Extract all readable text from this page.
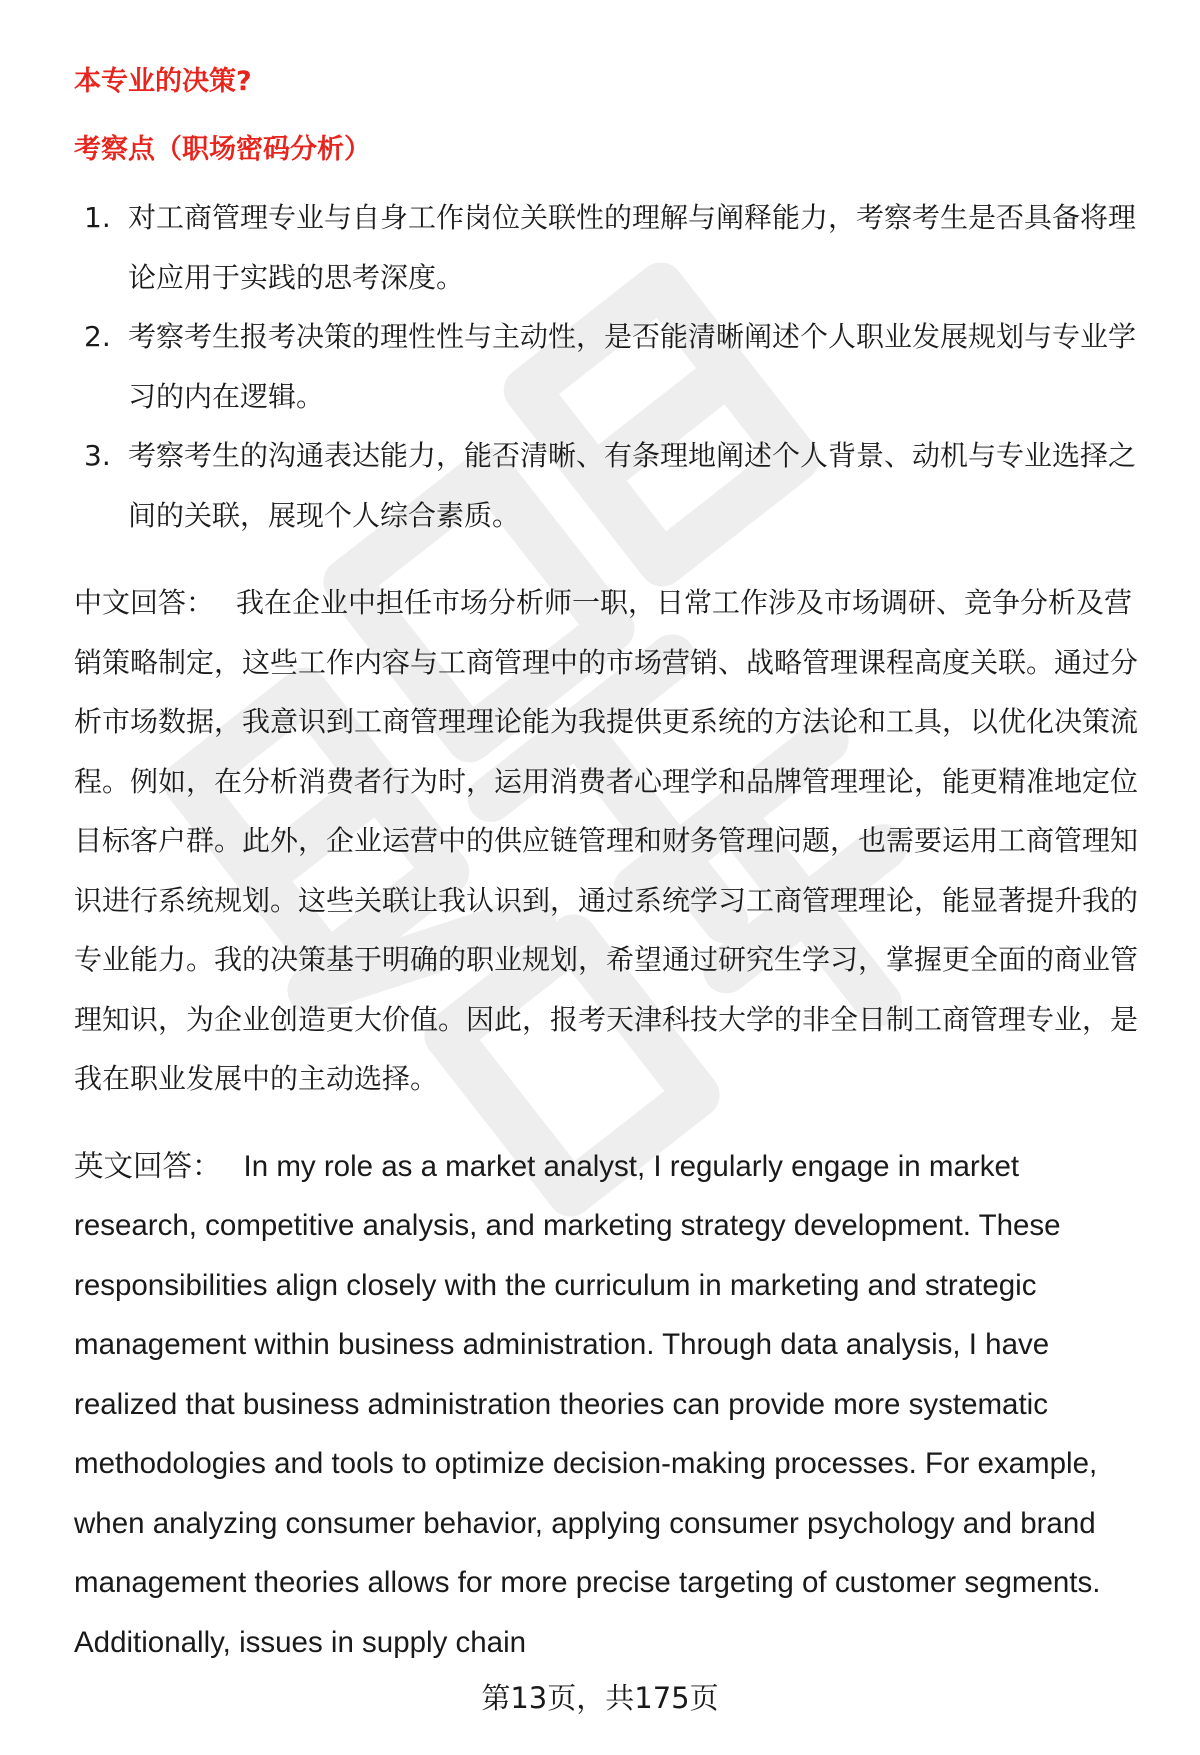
本专业的决策?

考察点（职场密码分析）

1. 对工商管理专业与自身工作岗位关联性的理解与阐释能力，考察考生是否具备将理论应用于实践的思考深度。
2. 考察考生报考决策的理性性与主动性，是否能清晰阐述个人职业发展规划与专业学习的内在逻辑。
3. 考察考生的沟通表达能力，能否清晰、有条理地阐述个人背景、动机与专业选择之间的关联，展现个人综合素质。

中文回答： 我在企业中担任市场分析师一职，日常工作涉及市场调研、竞争分析及营销策略制定，这些工作内容与工商管理中的市场营销、战略管理课程高度关联。通过分析市场数据，我意识到工商管理理论能为我提供更系统的方法论和工具，以优化决策流程。例如，在分析消费者行为时，运用消费者心理学和品牌管理理论，能更精准地定位目标客户群。此外，企业运营中的供应链管理和财务管理问题，也需要运用工商管理知识进行系统规划。这些关联让我认识到，通过系统学习工商管理理论，能显著提升我的专业能力。我的决策基于明确的职业规划，希望通过研究生学习，掌握更全面的商业管理知识，为企业创造更大价值。因此，报考天津科技大学的非全日制工商管理专业，是我在职业发展中的主动选择。

英文回答： In my role as a market analyst, I regularly engage in market research, competitive analysis, and marketing strategy development. These responsibilities align closely with the curriculum in marketing and strategic management within business administration. Through data analysis, I have realized that business administration theories can provide more systematic methodologies and tools to optimize decision-making processes. For example, when analyzing consumer behavior, applying consumer psychology and brand management theories allows for more precise targeting of customer segments. Additionally, issues in supply chain

第13页，共175页
